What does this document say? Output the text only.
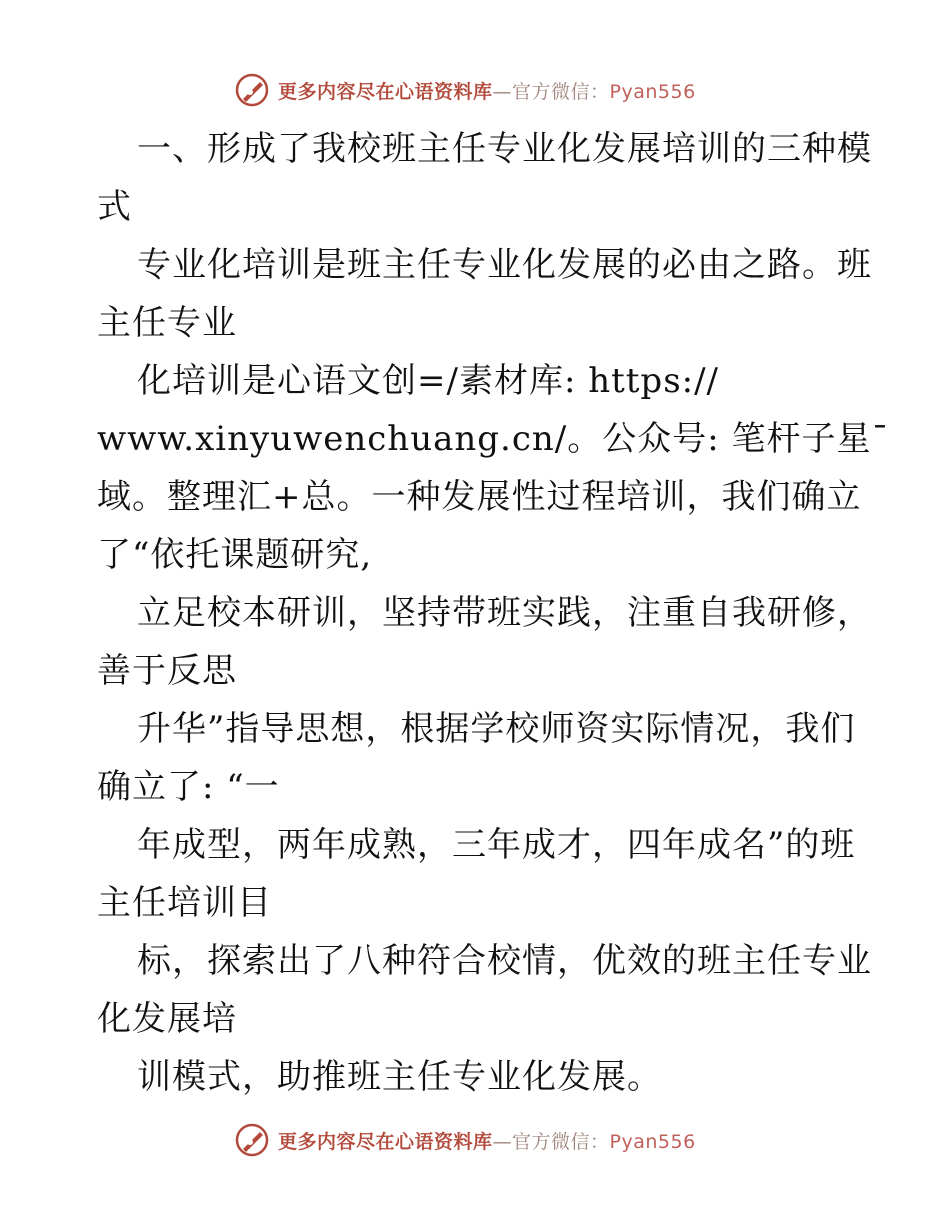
更多内容尽在心语资料库—官方微信：Pyan556
一、形成了我校班主任专业化发展培训的三种模
式
专业化培训是班主任专业化发展的必由之路。班
主任专业
化培训是心语文创=/素材库: https://
www.xinyuwenchuang.cn/。公众号: 笔杆子星¯
域。整理汇+总。一种发展性过程培训，我们确立
了“依托课题研究,
立足校本研训，坚持带班实践，注重自我研修，
善于反思
升华”指导思想，根据学校师资实际情况，我们
确立了: “一
年成型，两年成熟，三年成才，四年成名”的班
主任培训目
标，探索出了八种符合校情，优效的班主任专业
化发展培
训模式，助推班主任专业化发展。
更多内容尽在心语资料库—官方微信：Pyan556
